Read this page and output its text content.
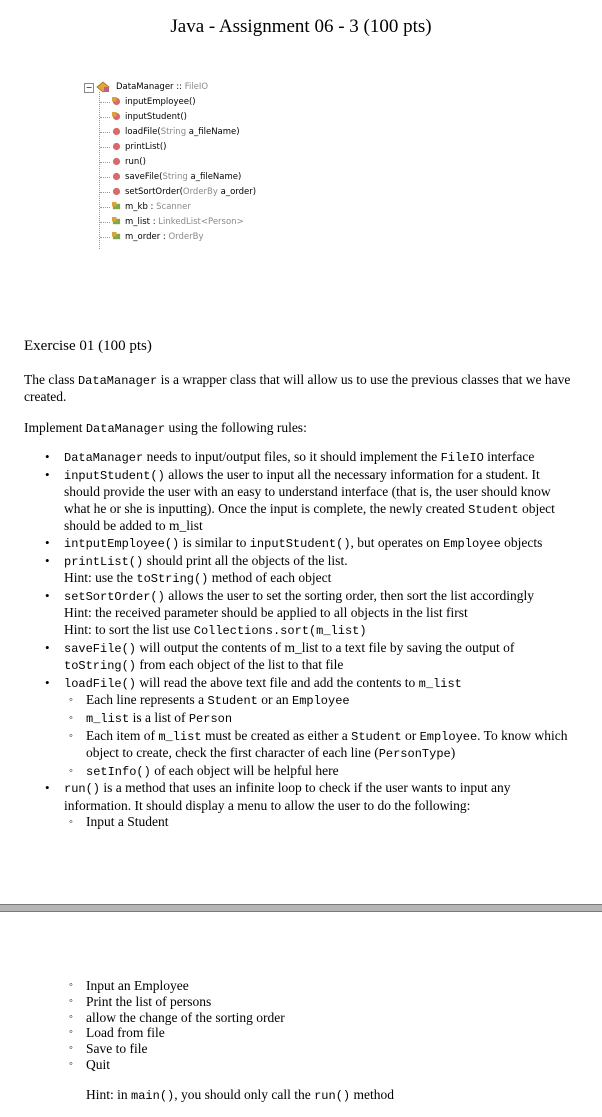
Java - Assignment 06 - 3 (100 pts)
−	DataManager :: FileIO
inputEmployee()
inputStudent()
loadFile(String a_fileName)
printList()
run()
saveFile(String a_fileName)
setSortOrder(OrderBy a_order)
m_kb : Scanner
m_list : LinkedList<Person>
m_order : OrderBy
Exercise 01 (100 pts)
The class DataManager is a wrapper class that will allow us to use the previous classes that we have created.
Implement DataManager using the following rules:
• DataManager needs to input/output files, so it should implement the FileIO interface
• inputStudent() allows the user to input all the necessary information for a student. It should provide the user with an easy to understand interface (that is, the user should know what he or she is inputting). Once the input is complete, the newly created Student object should be added to m_list
• intputEmployee() is similar to inputStudent(), but operates on Employee objects
• printList() should print all the objects of the list.
Hint: use the toString() method of each object
• setSortOrder() allows the user to set the sorting order, then sort the list accordingly
Hint: the received parameter should be applied to all objects in the list first
Hint: to sort the list use Collections.sort(m_list)
• saveFile() will output the contents of m_list to a text file by saving the output of toString() from each object of the list to that file
• loadFile() will read the above text file and add the contents to m_list
◦ Each line represents a Student or an Employee
◦ m_list is a list of Person
◦ Each item of m_list must be created as either a Student or Employee. To know which object to create, check the first character of each line (PersonType)
◦ setInfo() of each object will be helpful here
• run() is a method that uses an infinite loop to check if the user wants to input any information. It should display a menu to allow the user to do the following:
◦ Input a Student
◦ Input an Employee
◦ Print the list of persons
◦ allow the change of the sorting order
◦ Load from file
◦ Save to file
◦ Quit
Hint: in main(), you should only call the run() method
